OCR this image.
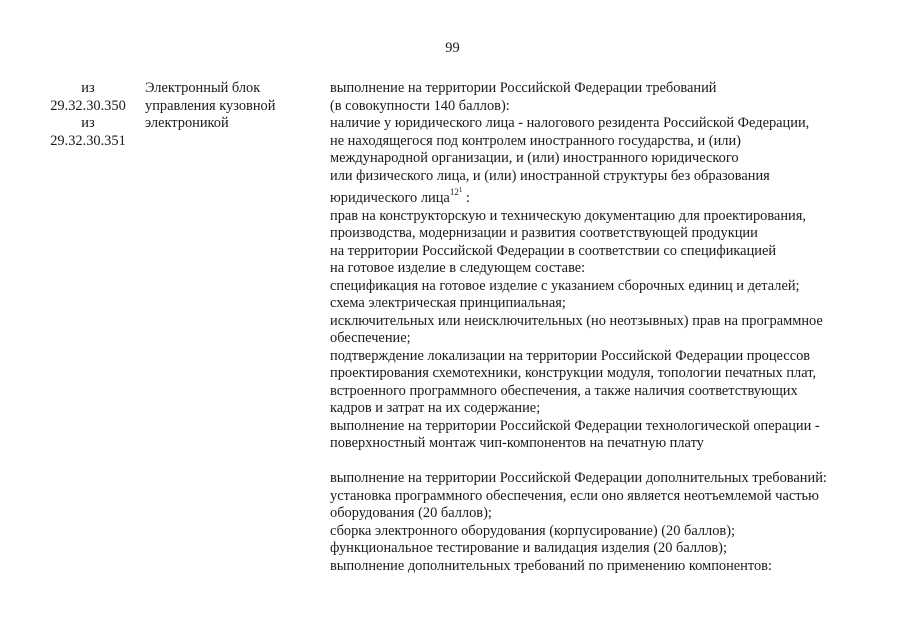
99
из
29.32.30.350
из
29.32.30.351
Электронный блок
управления кузовной
электроникой
выполнение на территории Российской Федерации требований
(в совокупности 140 баллов):
наличие у юридического лица - налогового резидента Российской Федерации,
не находящегося под контролем иностранного государства, и (или)
международной организации, и (или) иностранного юридического
или физического лица, и (или) иностранной структуры без образования
юридического лица$^{12^1}$ :
прав на конструкторскую и техническую документацию для проектирования,
производства, модернизации и развития соответствующей продукции
на территории Российской Федерации в соответствии со спецификацией
на готовое изделие в следующем составе:
спецификация на готовое изделие с указанием сборочных единиц и деталей;
схема электрическая принципиальная;
исключительных или неисключительных (но неотзывных) прав на программное
обеспечение;
подтверждение локализации на территории Российской Федерации процессов
проектирования схемотехники, конструкции модуля, топологии печатных плат,
встроенного программного обеспечения, а также наличия соответствующих
кадров и затрат на их содержание;
выполнение на территории Российской Федерации технологической операции -
поверхностный монтаж чип-компонентов на печатную плату
выполнение на территории Российской Федерации дополнительных требований:
установка программного обеспечения, если оно является неотъемлемой частью
оборудования (20 баллов);
сборка электронного оборудования (корпусирование) (20 баллов);
функциональное тестирование и валидация изделия (20 баллов);
выполнение дополнительных требований по применению компонентов:
